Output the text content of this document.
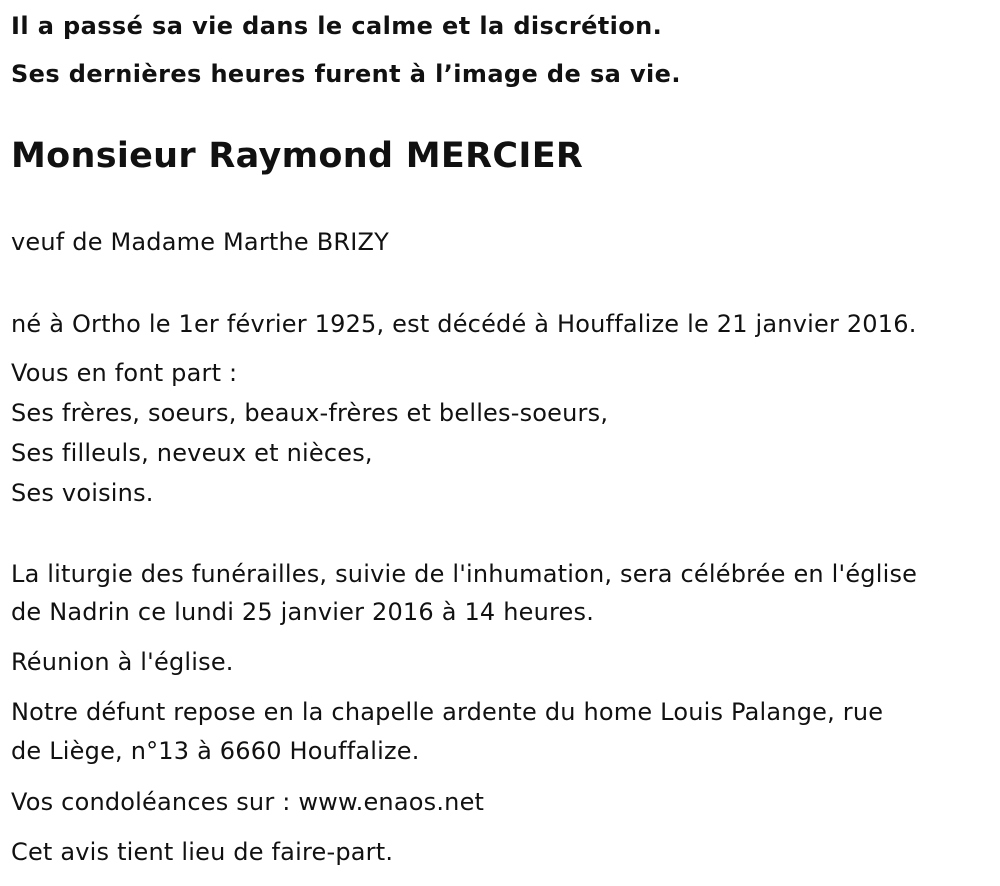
Il a passé sa vie dans le calme et la discrétion.
Ses dernières heures furent à l’image de sa vie.
Monsieur Raymond MERCIER
veuf de Madame Marthe BRIZY
né à Ortho le 1er février 1925, est décédé à Houffalize le 21 janvier 2016.
Vous en font part :
Ses frères, soeurs, beaux-frères et belles-soeurs,
Ses filleuls, neveux et nièces,
Ses voisins.
La liturgie des funérailles, suivie de l'inhumation, sera célébrée en l'église
de Nadrin ce lundi 25 janvier 2016 à 14 heures.
Réunion à l'église.
Notre défunt repose en la chapelle ardente du home Louis Palange, rue
de Liège, n°13 à 6660 Houffalize.
Vos condoléances sur : www.enaos.net
Cet avis tient lieu de faire-part.
